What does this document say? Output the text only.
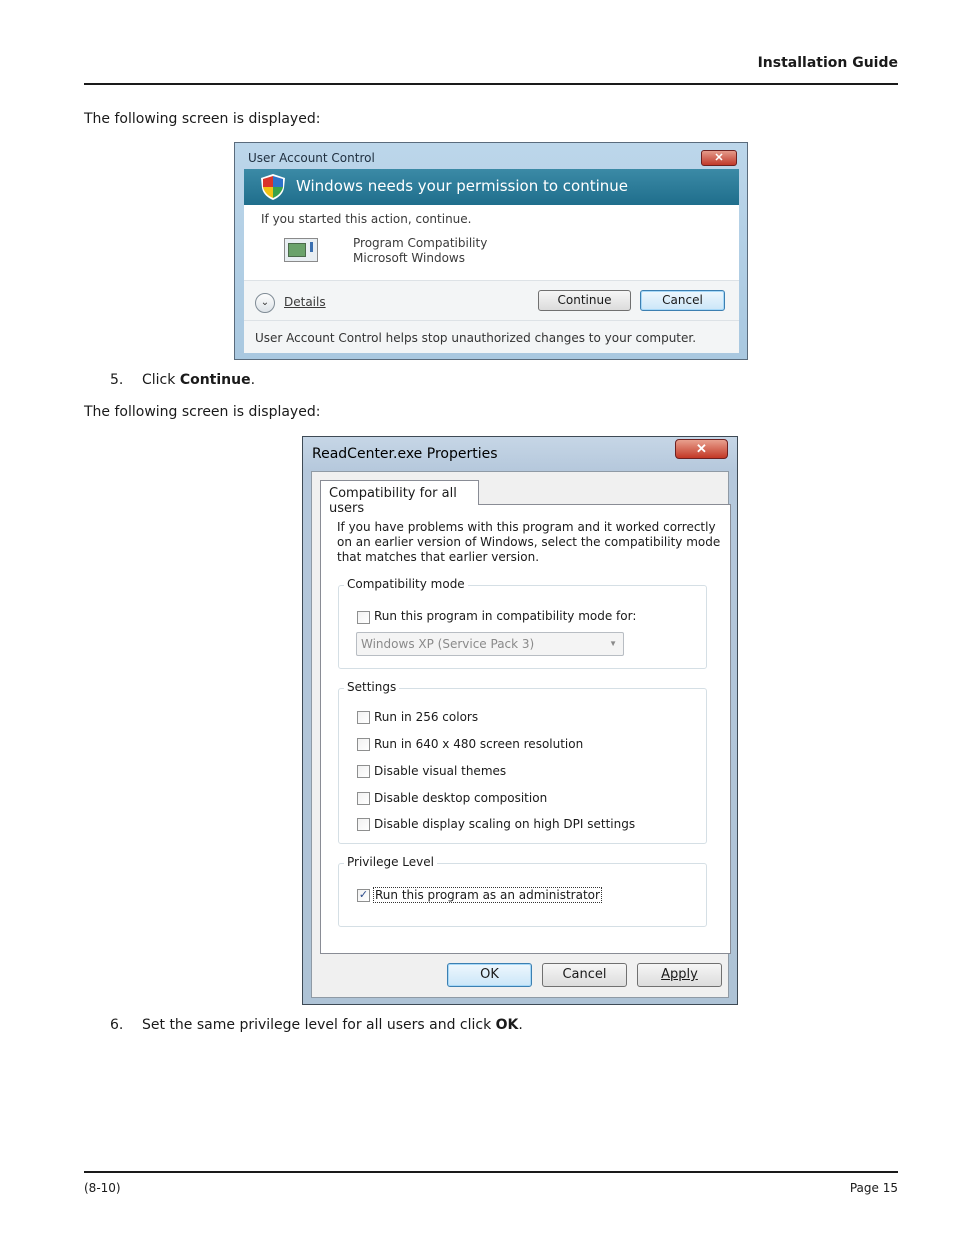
Installation Guide
The following screen is displayed:
User Account Control	✕
Windows needs your permission to continue
If you started this action, continue.
Program Compatibility
Microsoft Windows
⌄	Details	Continue	Cancel
User Account Control helps stop unauthorized changes to your computer.
5. Click Continue.
The following screen is displayed:
ReadCenter.exe Properties	✕
Compatibility for all users
If you have problems with this program and it worked correctly
on an earlier version of Windows, select the compatibility mode
that matches that earlier version.
Compatibility mode
Run this program in compatibility mode for:
Windows XP (Service Pack 3)	▼
Settings
Run in 256 colors
Run in 640 x 480 screen resolution
Disable visual themes
Disable desktop composition
Disable display scaling on high DPI settings
Privilege Level
✓ Run this program as an administrator
OK	Cancel	Apply
6. Set the same privilege level for all users and click OK.
(8-10)	Page 15
